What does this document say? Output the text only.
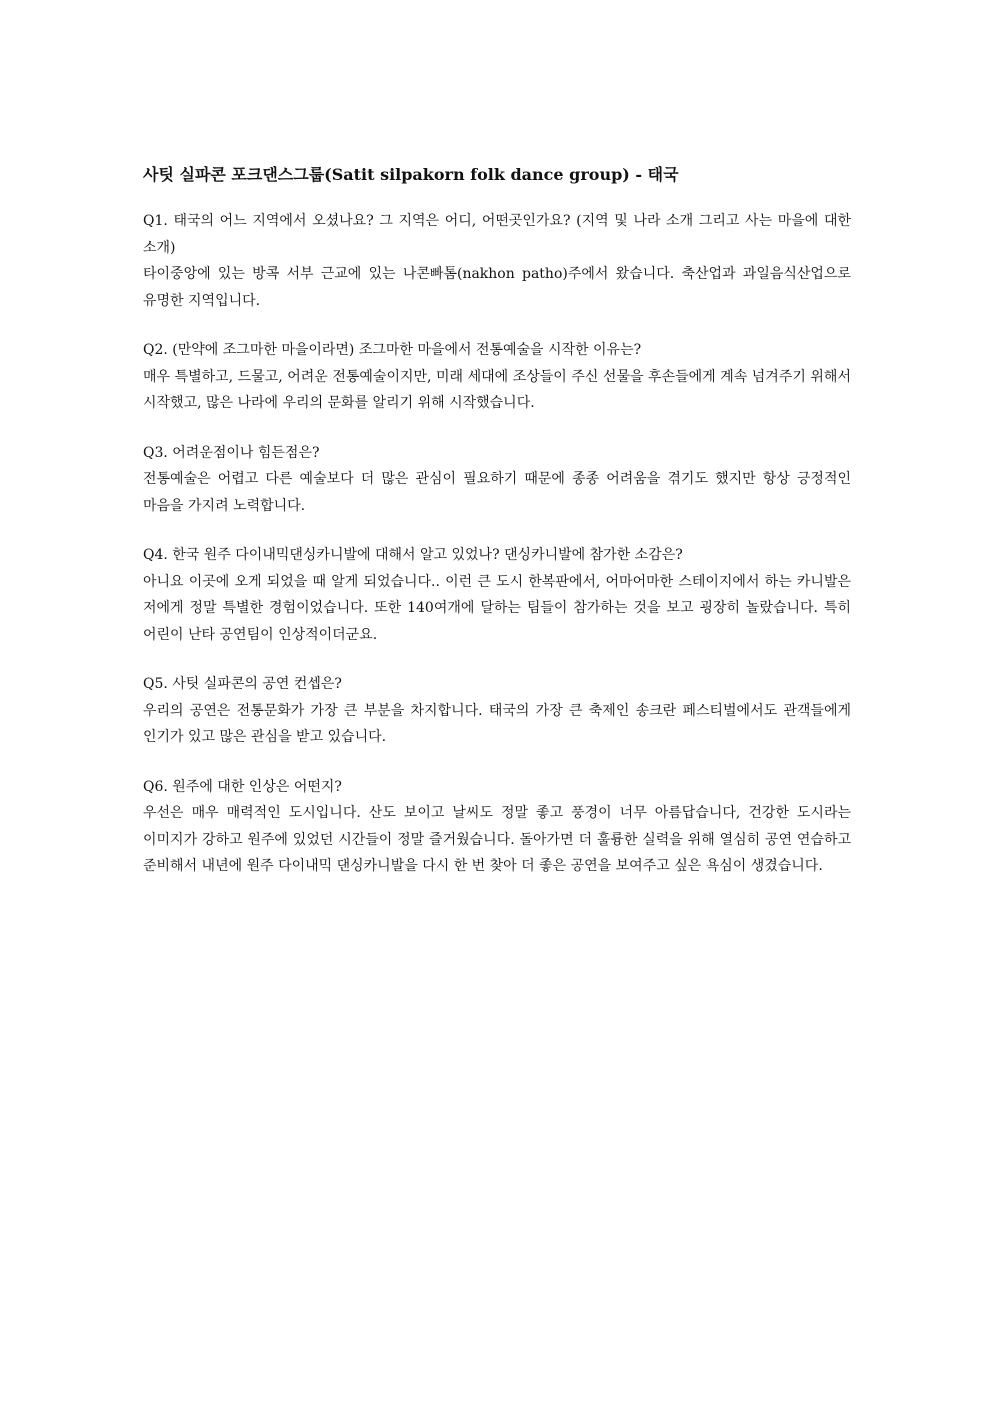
사팃 실파콘 포크댄스그룹(Satit silpakorn folk dance group) - 태국

Q1. 태국의 어느 지역에서 오셨나요? 그 지역은 어디, 어떤곳인가요? (지역 및 나라 소개 그리고 사는 마을에 대한 소개)

타이중앙에 있는 방콕 서부 근교에 있는 나콘빠톰(nakhon patho)주에서 왔습니다. 축산업과 과일음식산업으로 유명한 지역입니다.

Q2. (만약에 조그마한 마을이라면) 조그마한 마을에서 전통예술을 시작한 이유는?

매우 특별하고, 드물고, 어려운 전통예술이지만, 미래 세대에 조상들이 주신 선물을 후손들에게 계속 넘겨주기 위해서 시작했고, 많은 나라에 우리의 문화를 알리기 위해 시작했습니다.

Q3. 어려운점이나 힘든점은?

전통예술은 어렵고 다른 예술보다 더 많은 관심이 필요하기 때문에 종종 어려움을 겪기도 했지만 항상 긍정적인 마음을 가지려 노력합니다.

Q4. 한국 원주 다이내믹댄싱카니발에 대해서 알고 있었나? 댄싱카니발에 참가한 소감은?

아니요 이곳에 오게 되었을 때 알게 되었습니다.. 이런 큰 도시 한복판에서, 어마어마한 스테이지에서 하는 카니발은 저에게 정말 특별한 경험이었습니다. 또한 140여개에 달하는 팀들이 참가하는 것을 보고 굉장히 놀랐습니다. 특히 어린이 난타 공연팀이 인상적이더군요.

Q5. 사팃 실파콘의 공연 컨셉은?

우리의 공연은 전통문화가 가장 큰 부분을 차지합니다. 태국의 가장 큰 축제인 송크란 페스티벌에서도 관객들에게 인기가 있고 많은 관심을 받고 있습니다.

Q6. 원주에 대한 인상은 어떤지?

우선은 매우 매력적인 도시입니다. 산도 보이고 날씨도 정말 좋고 풍경이 너무 아름답습니다, 건강한 도시라는 이미지가 강하고 원주에 있었던 시간들이 정말 즐거웠습니다. 돌아가면 더 훌륭한 실력을 위해 열심히 공연 연습하고 준비해서 내년에 원주 다이내믹 댄싱카니발을 다시 한 번 찾아 더 좋은 공연을 보여주고 싶은 욕심이 생겼습니다.
